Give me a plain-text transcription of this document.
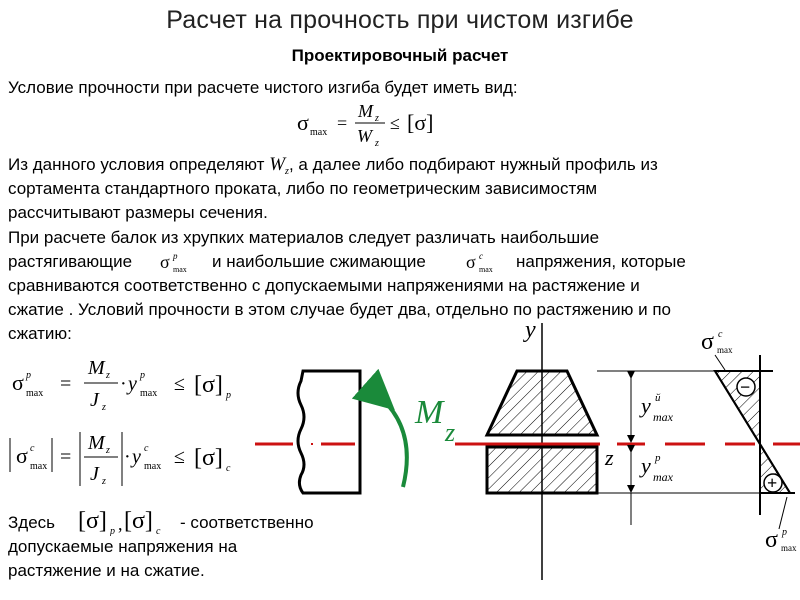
Расчет на прочность при чистом изгибе
Проектировочный расчет
Условие прочности при расчете чистого изгиба будет иметь вид:
σ max =
M z
W z
≤ [σ]
Из данного условия определяют $W_z$, а далее либо подбирают нужный профиль из
сортамента стандартного проката, либо по геометрическим зависимостям
рассчитывают размеры сечения.
При расчете балок из хрупких материалов следует различать наибольшие
растягивающие σ p
max и наибольшие сжимающие σ c
max напряжения, которые
сравниваются соответственно с допускаемыми напряжениями на растяжение и
сжатие . Условий прочности в этом случае будет два, отдельно по растяжению и по
сжатию:
σ p
max =
M z
J z
· y p
max ≤ [σ] p
σ c
max =
M z
J z
· y c
max ≤ [σ] c
Здесь [σ] p , [σ] c - соответственно
допускаемые напряжения на
растяжение и на сжатие.
M
z
y
z
y й
max
y p
max
−
+
σ c
max
σ p
max
